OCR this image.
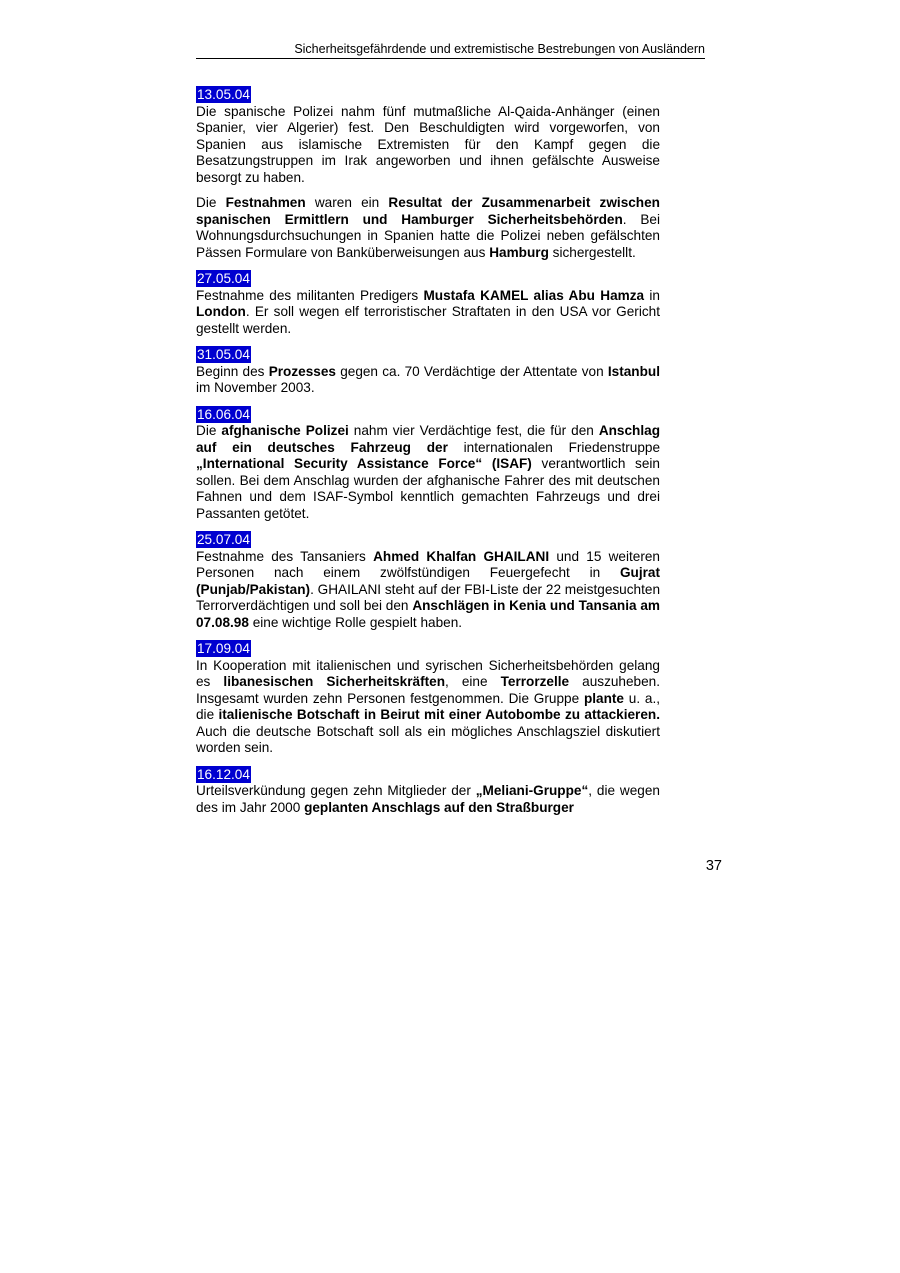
Sicherheitsgefährdende und extremistische Bestrebungen von Ausländern
13.05.04

Die spanische Polizei nahm fünf mutmaßliche Al-Qaida-Anhänger (einen Spanier, vier Algerier) fest. Den Beschuldigten wird vorgeworfen, von Spanien aus islamische Extremisten für den Kampf gegen die Besatzungstruppen im Irak angeworben und ihnen gefälschte Ausweise besorgt zu haben.

Die Festnahmen waren ein Resultat der Zusammenarbeit zwischen spanischen Ermittlern und Hamburger Sicherheitsbehörden. Bei Wohnungsdurchsuchungen in Spanien hatte die Polizei neben gefälschten Pässen Formulare von Banküberweisungen aus Hamburg sichergestellt.

27.05.04

Festnahme des militanten Predigers Mustafa KAMEL alias Abu Hamza in London. Er soll wegen elf terroristischer Straftaten in den USA vor Gericht gestellt werden.

31.05.04

Beginn des Prozesses gegen ca. 70 Verdächtige der Attentate von Istanbul im November 2003.

16.06.04

Die afghanische Polizei nahm vier Verdächtige fest, die für den Anschlag auf ein deutsches Fahrzeug der internationalen Friedenstruppe „International Security Assistance Force“ (ISAF) verantwortlich sein sollen. Bei dem Anschlag wurden der afghanische Fahrer des mit deutschen Fahnen und dem ISAF-Symbol kenntlich gemachten Fahrzeugs und drei Passanten getötet.

25.07.04

Festnahme des Tansaniers Ahmed Khalfan GHAILANI und 15 weiteren Personen nach einem zwölfstündigen Feuergefecht in Gujrat (Punjab/Pakistan). GHAILANI steht auf der FBI-Liste der 22 meistgesuchten Terrorverdächtigen und soll bei den Anschlägen in Kenia und Tansania am 07.08.98 eine wichtige Rolle gespielt haben.

17.09.04

In Kooperation mit italienischen und syrischen Sicherheitsbehörden gelang es libanesischen Sicherheitskräften, eine Terrorzelle auszuheben. Insgesamt wurden zehn Personen festgenommen. Die Gruppe plante u. a., die italienische Botschaft in Beirut mit einer Autobombe zu attackieren. Auch die deutsche Botschaft soll als ein mögliches Anschlagsziel diskutiert worden sein.

16.12.04

Urteilsverkündung gegen zehn Mitglieder der „Meliani-Gruppe“, die wegen des im Jahr 2000 geplanten Anschlags auf den Straßburger

37
